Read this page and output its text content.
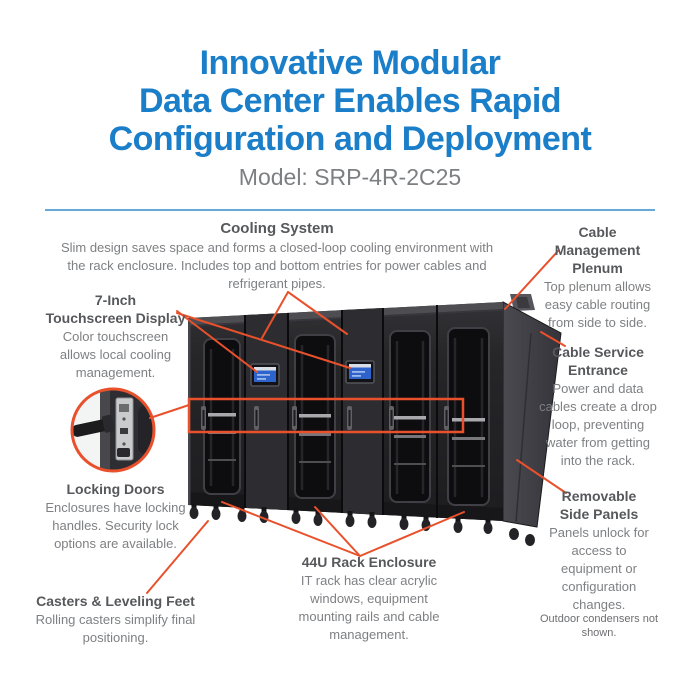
Innovative Modular
Data Center Enables Rapid
Configuration and Deployment
Model: SRP-4R-2C25
Cooling System

Slim design saves space and forms a closed-loop cooling environment with the rack enclosure. Includes top and bottom entries for power cables and refrigerant pipes.

Cable
Management
Plenum

Top plenum allows easy cable routing from side to side.

7-Inch
Touchscreen Display

Color touchscreen allows local cooling management.

Cable Service
Entrance

Power and data cables create a drop loop, preventing water from getting into the rack.

Locking Doors

Enclosures have locking handles. Security lock options are available.

Removable
Side Panels

Panels unlock for access to equipment or configuration changes.

44U Rack Enclosure

IT rack has clear acrylic windows, equipment mounting rails and cable management.

Casters & Leveling Feet

Rolling casters simplify final positioning.

Outdoor condensers not shown.
